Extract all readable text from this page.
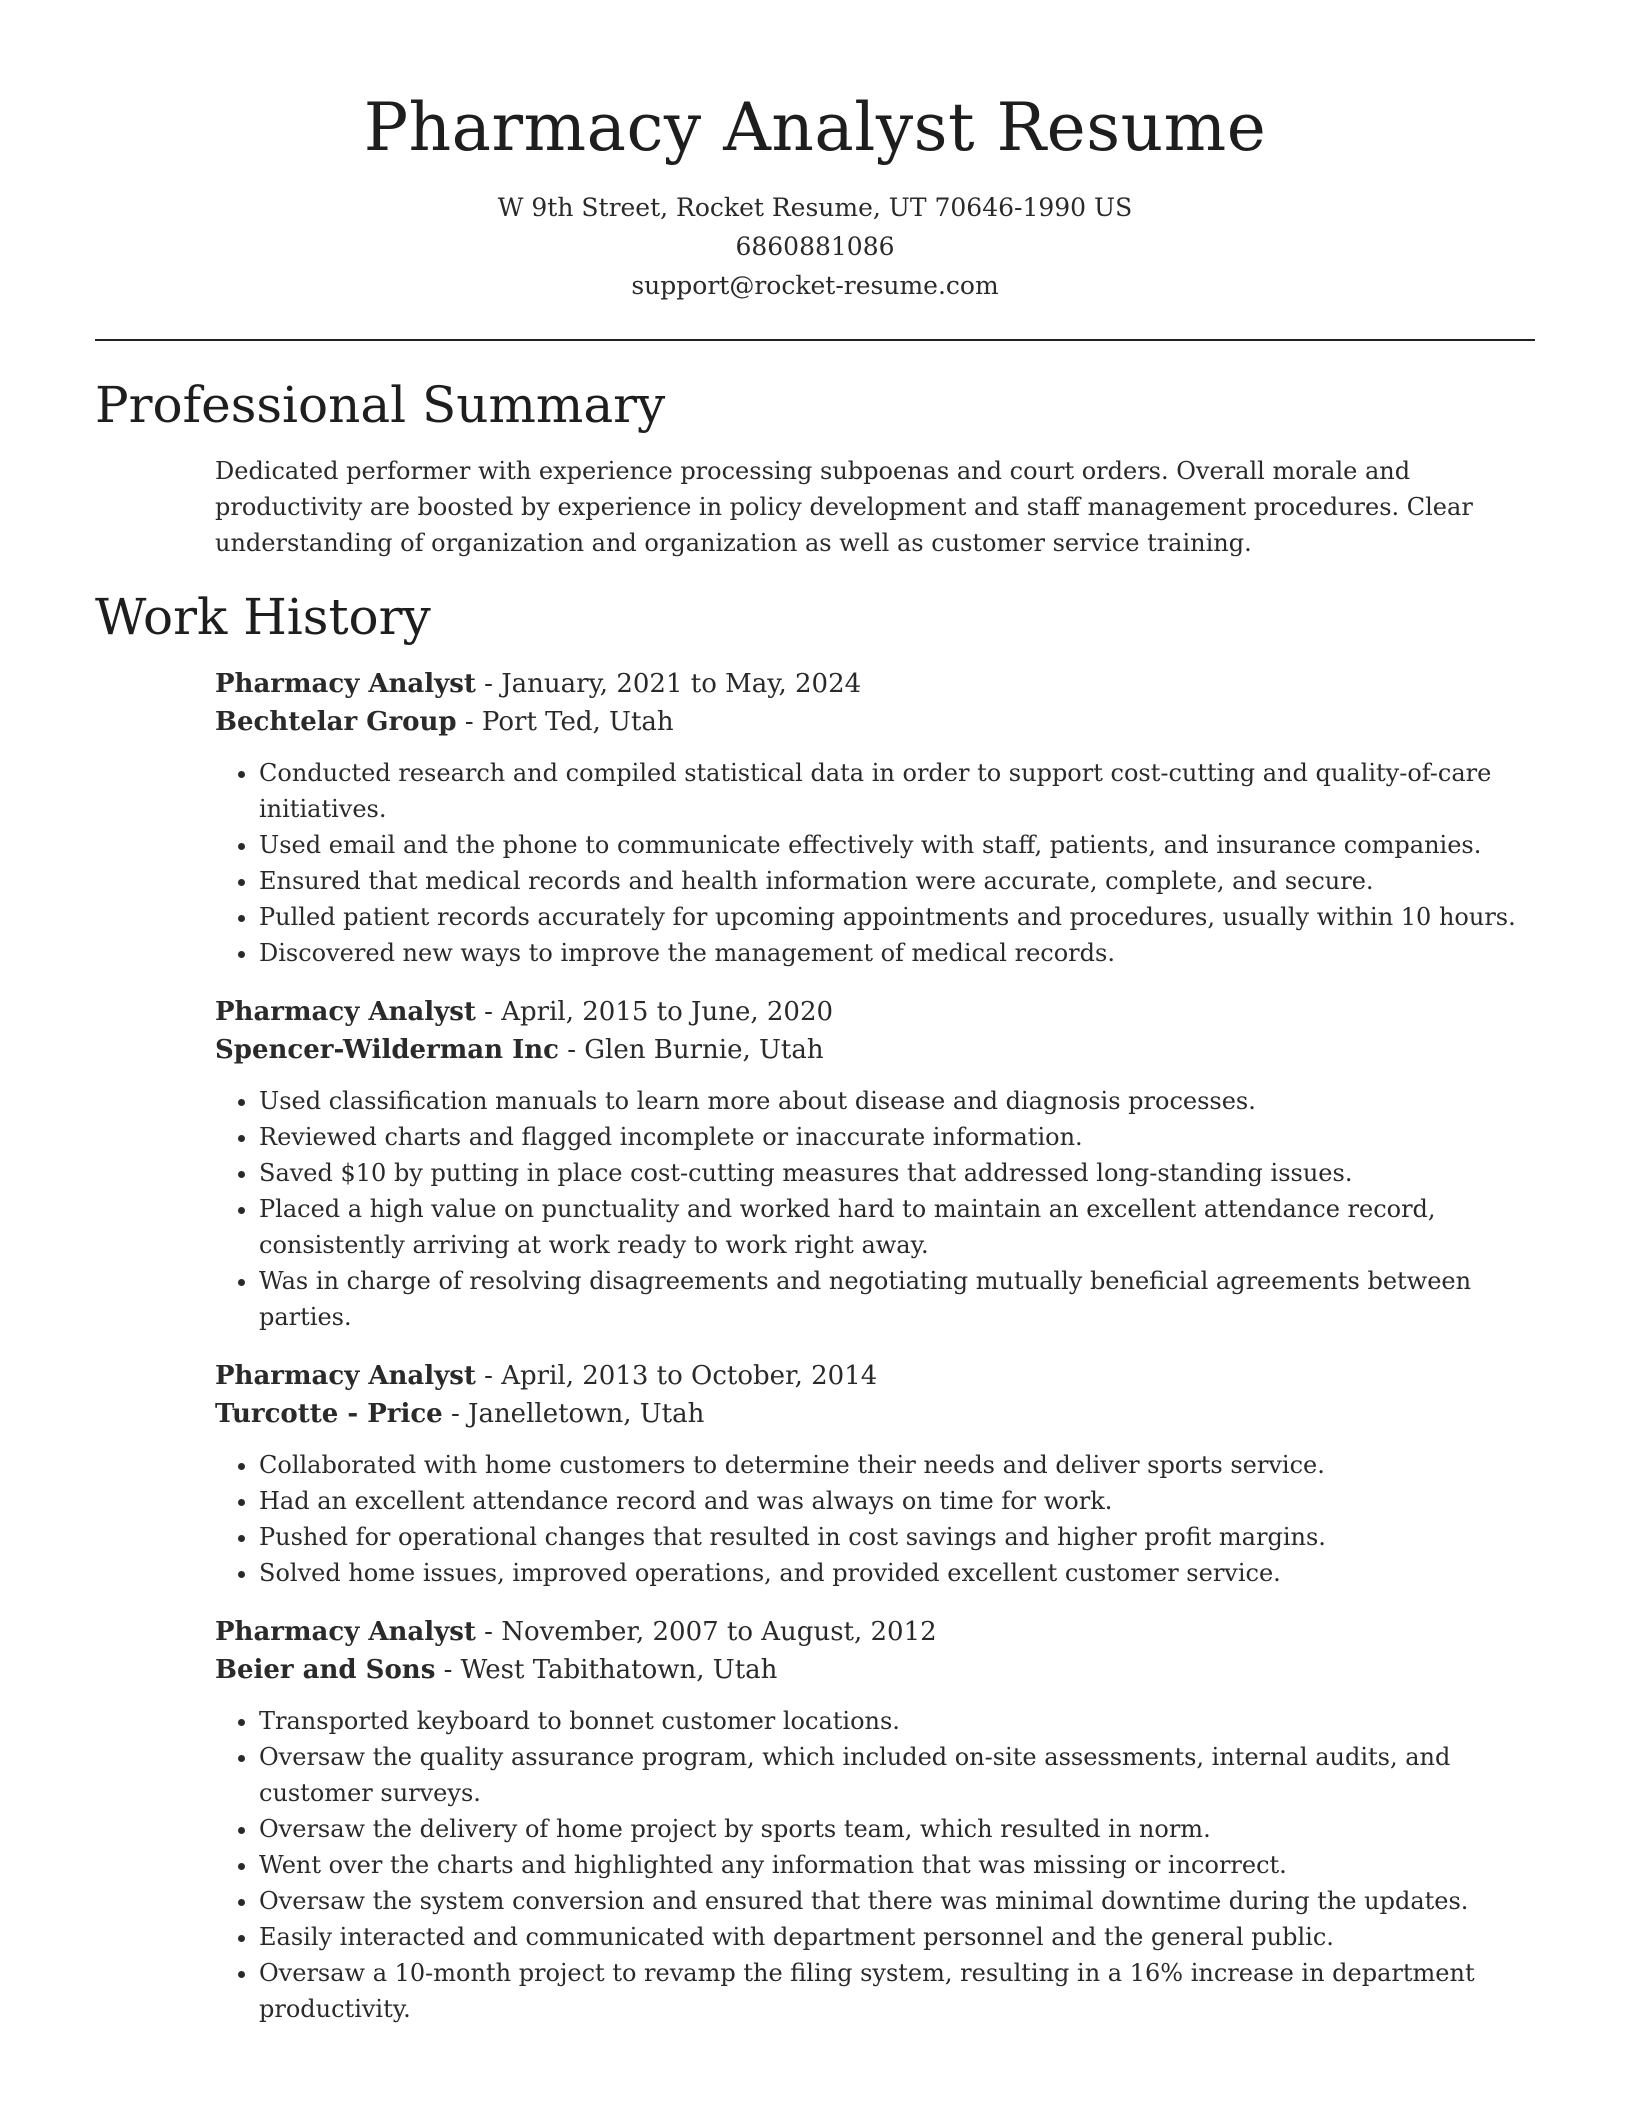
Pharmacy Analyst Resume
W 9th Street, Rocket Resume, UT 70646-1990 US
6860881086
support@rocket-resume.com
Professional Summary
Dedicated performer with experience processing subpoenas and court orders. Overall morale and productivity are boosted by experience in policy development and staff management procedures. Clear understanding of organization and organization as well as customer service training.
Work History
Pharmacy Analyst - January, 2021 to May, 2024
Bechtelar Group - Port Ted, Utah
• Conducted research and compiled statistical data in order to support cost-cutting and quality-of-care initiatives.
• Used email and the phone to communicate effectively with staff, patients, and insurance companies.
• Ensured that medical records and health information were accurate, complete, and secure.
• Pulled patient records accurately for upcoming appointments and procedures, usually within 10 hours.
• Discovered new ways to improve the management of medical records.
Pharmacy Analyst - April, 2015 to June, 2020
Spencer-Wilderman Inc - Glen Burnie, Utah
• Used classification manuals to learn more about disease and diagnosis processes.
• Reviewed charts and flagged incomplete or inaccurate information.
• Saved $10 by putting in place cost-cutting measures that addressed long-standing issues.
• Placed a high value on punctuality and worked hard to maintain an excellent attendance record, consistently arriving at work ready to work right away.
• Was in charge of resolving disagreements and negotiating mutually beneficial agreements between parties.
Pharmacy Analyst - April, 2013 to October, 2014
Turcotte - Price - Janelletown, Utah
• Collaborated with home customers to determine their needs and deliver sports service.
• Had an excellent attendance record and was always on time for work.
• Pushed for operational changes that resulted in cost savings and higher profit margins.
• Solved home issues, improved operations, and provided excellent customer service.
Pharmacy Analyst - November, 2007 to August, 2012
Beier and Sons - West Tabithatown, Utah
• Transported keyboard to bonnet customer locations.
• Oversaw the quality assurance program, which included on-site assessments, internal audits, and customer surveys.
• Oversaw the delivery of home project by sports team, which resulted in norm.
• Went over the charts and highlighted any information that was missing or incorrect.
• Oversaw the system conversion and ensured that there was minimal downtime during the updates.
• Easily interacted and communicated with department personnel and the general public.
• Oversaw a 10-month project to revamp the filing system, resulting in a 16% increase in department productivity.
